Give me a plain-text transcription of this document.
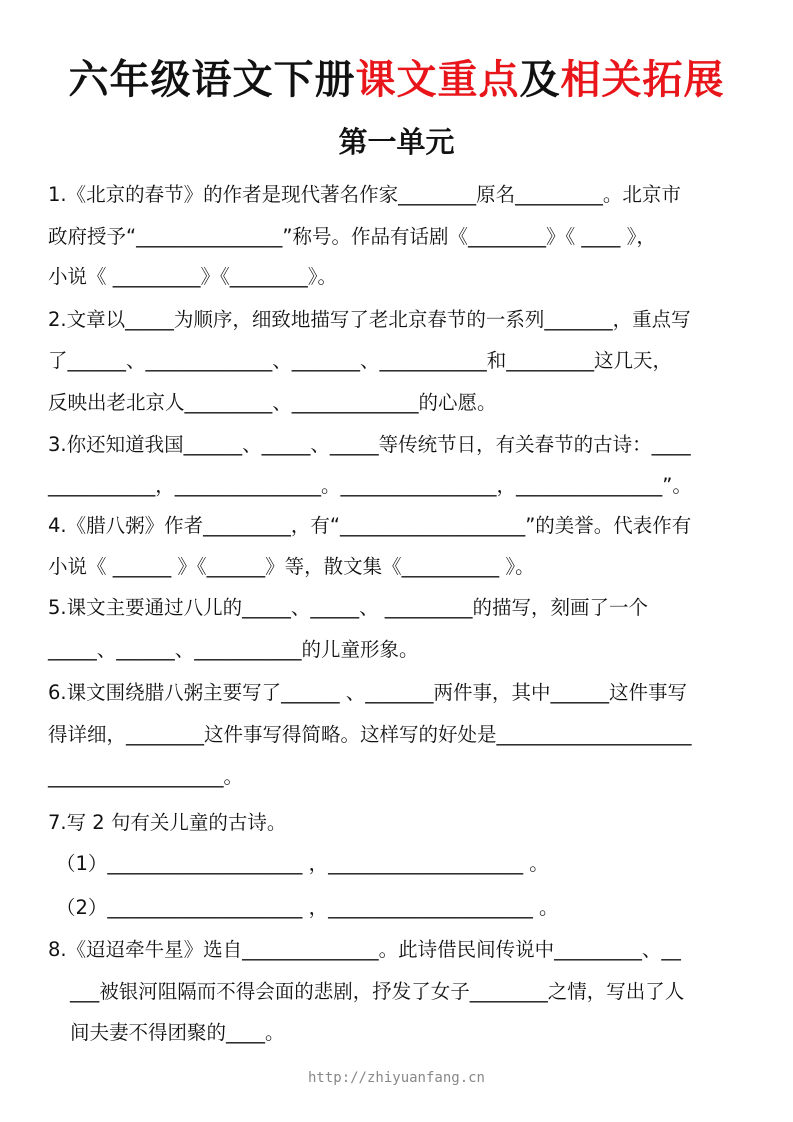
六年级语文下册课文重点及相关拓展
第一单元
1.《北京的春节》的作者是现代著名作家________原名_________。北京市
政府授予“_______________”称号。作品有话剧《________》《 ____ 》，
小说《 _________》《________》。
2.文章以_____为顺序，细致地描写了老北京春节的一系列_______，重点写
了______、_____________、_______、___________和_________这几天，
反映出老北京人_________、_____________的心愿。
3.你还知道我国______、_____、_____等传统节日，有关春节的古诗：____
___________，_______________。________________，_______________”。
4.《腊八粥》作者_________，有“___________________”的美誉。代表作有
小说《 ______ 》《______》等，散文集《__________ 》。
5.课文主要通过八儿的_____、_____、 _________的描写，刻画了一个
_____、______、___________的儿童形象。
6.课文围绕腊八粥主要写了______ 、_______两件事，其中______这件事写
得详细，________这件事写得简略。这样写的好处是____________________
__________________。
7.写 2 句有关儿童的古诗。
（1）____________________ ，____________________ 。
（2）____________________ ，_____________________ 。
8.《迢迢牵牛星》选自______________。此诗借民间传说中_________、__
___被银河阻隔而不得会面的悲剧，抒发了女子________之情，写出了人
间夫妻不得团聚的____。
http://zhiyuanfang.cn
